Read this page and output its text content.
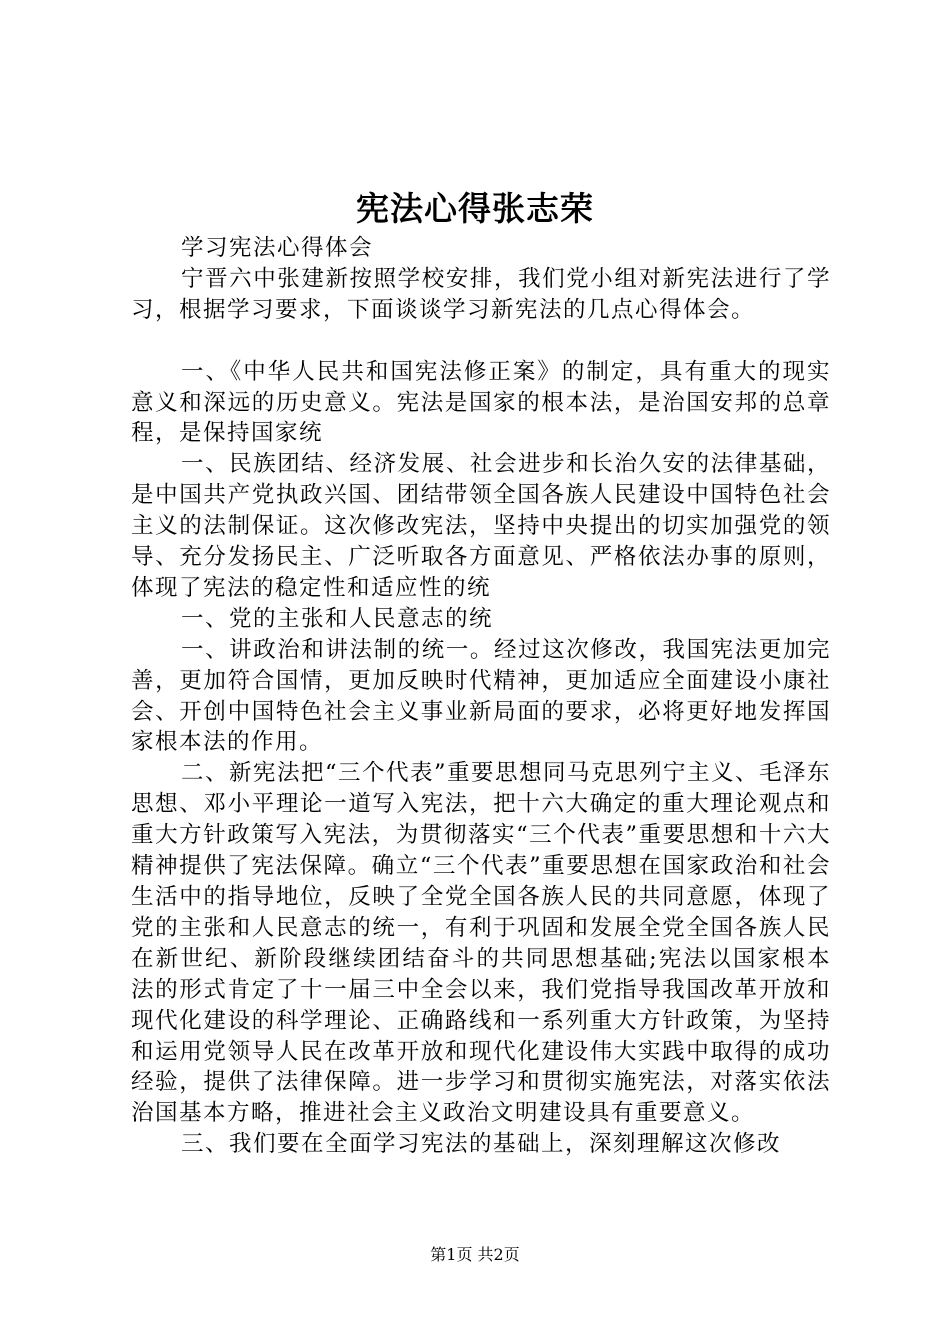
宪法心得张志荣

学习宪法心得体会

宁晋六中张建新按照学校安排，我们党小组对新宪法进行了学习，根据学习要求，下面谈谈学习新宪法的几点心得体会。

一、《中华人民共和国宪法修正案》的制定，具有重大的现实意义和深远的历史意义。宪法是国家的根本法，是治国安邦的总章程，是保持国家统

一、民族团结、经济发展、社会进步和长治久安的法律基础，是中国共产党执政兴国、团结带领全国各族人民建设中国特色社会主义的法制保证。这次修改宪法，坚持中央提出的切实加强党的领导、充分发扬民主、广泛听取各方面意见、严格依法办事的原则，体现了宪法的稳定性和适应性的统

一、党的主张和人民意志的统

一、讲政治和讲法制的统一。经过这次修改，我国宪法更加完善，更加符合国情，更加反映时代精神，更加适应全面建设小康社会、开创中国特色社会主义事业新局面的要求，必将更好地发挥国家根本法的作用。

二、新宪法把“三个代表”重要思想同马克思列宁主义、毛泽东思想、邓小平理论一道写入宪法，把十六大确定的重大理论观点和重大方针政策写入宪法，为贯彻落实“三个代表”重要思想和十六大精神提供了宪法保障。确立“三个代表”重要思想在国家政治和社会生活中的指导地位，反映了全党全国各族人民的共同意愿，体现了党的主张和人民意志的统一，有利于巩固和发展全党全国各族人民在新世纪、新阶段继续团结奋斗的共同思想基础;宪法以国家根本法的形式肯定了十一届三中全会以来，我们党指导我国改革开放和现代化建设的科学理论、正确路线和一系列重大方针政策，为坚持和运用党领导人民在改革开放和现代化建设伟大实践中取得的成功经验，提供了法律保障。进一步学习和贯彻实施宪法，对落实依法治国基本方略，推进社会主义政治文明建设具有重要意义。

三、我们要在全面学习宪法的基础上，深刻理解这次修改

第1页 共2页
